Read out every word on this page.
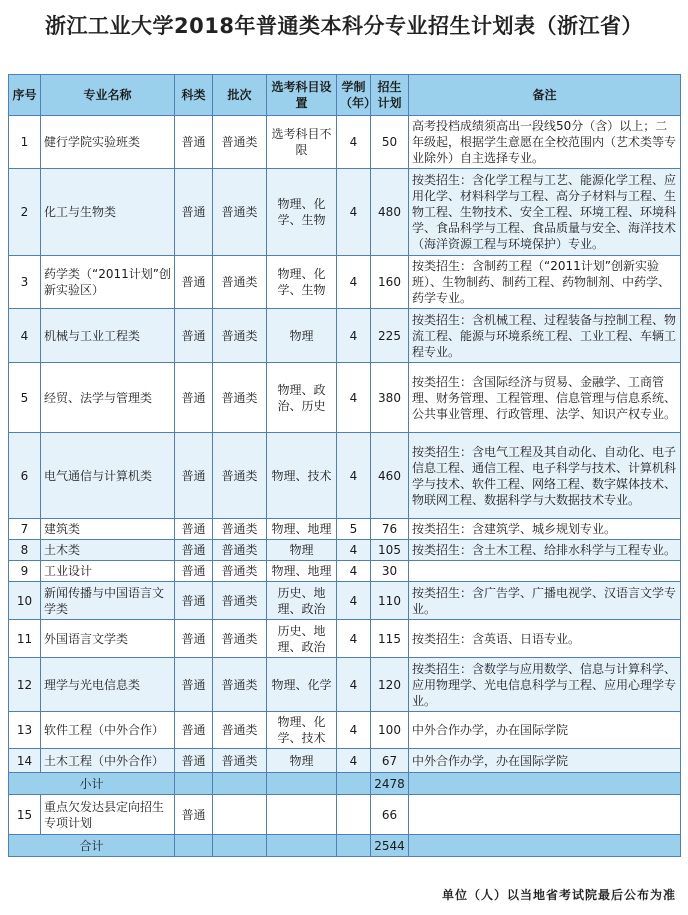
浙江工业大学2018年普通类本科分专业招生计划表（浙江省）
序号	专业名称	科类	批次	选考科目设置	学制（年）	招生计划	备注
1	健行学院实验班类	普通	普通类	选考科目不限	4	50	高考投档成绩须高出一段线50分（含）以上；二年级起，根据学生意愿在全校范围内（艺术类等专业除外）自主选择专业。
2	化工与生物类	普通	普通类	物理、化学、生物	4	480	按类招生：含化学工程与工艺、能源化学工程、应用化学、材料科学与工程、高分子材料与工程、生物工程、生物技术、安全工程、环境工程、环境科学、食品科学与工程、食品质量与安全、海洋技术（海洋资源工程与环境保护）专业。
3	药学类（“2011计划”创新实验区）	普通	普通类	物理、化学、生物	4	160	按类招生：含制药工程（“2011计划”创新实验班）、生物制药、制药工程、药物制剂、中药学、药学专业。
4	机械与工业工程类	普通	普通类	物理	4	225	按类招生：含机械工程、过程装备与控制工程、物流工程、能源与环境系统工程、工业工程、车辆工程专业。
5	经贸、法学与管理类	普通	普通类	物理、政治、历史	4	380	按类招生：含国际经济与贸易、金融学、工商管理、财务管理、工程管理、信息管理与信息系统、公共事业管理、行政管理、法学、知识产权专业。
6	电气通信与计算机类	普通	普通类	物理、技术	4	460	按类招生：含电气工程及其自动化、自动化、电子信息工程、通信工程、电子科学与技术、计算机科学与技术、软件工程、网络工程、数字媒体技术、物联网工程、数据科学与大数据技术专业。
7	建筑类	普通	普通类	物理、地理	5	76	按类招生：含建筑学、城乡规划专业。
8	土木类	普通	普通类	物理	4	105	按类招生：含土木工程、给排水科学与工程专业。
9	工业设计	普通	普通类	物理、地理	4	30	
10	新闻传播与中国语言文学类	普通	普通类	历史、地理、政治	4	110	按类招生：含广告学、广播电视学、汉语言文学专业。
11	外国语言文学类	普通	普通类	历史、地理、政治	4	115	按类招生：含英语、日语专业。
12	理学与光电信息类	普通	普通类	物理、化学	4	120	按类招生：含数学与应用数学、信息与计算科学、应用物理学、光电信息科学与工程、应用心理学专业。
13	软件工程（中外合作）	普通	普通类	物理、化学、技术	4	100	中外合作办学，办在国际学院
14	土木工程（中外合作）	普通	普通类	物理	4	67	中外合作办学，办在国际学院
小计						2478	
15	重点欠发达县定向招生专项计划	普通				66	
合计						2544	
单位（人）以当地省考试院最后公布为准
